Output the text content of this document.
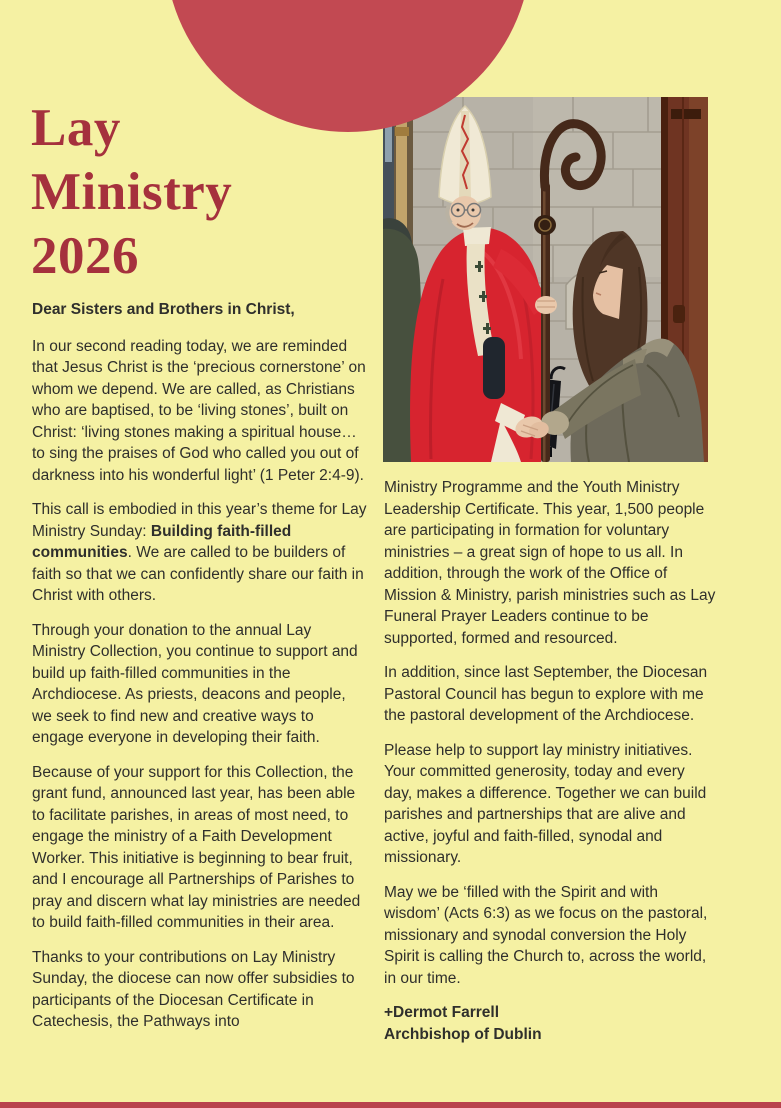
Lay
Ministry
2026

Dear Sisters and Brothers in Christ,

In our second reading today, we are reminded that Jesus Christ is the ‘precious cornerstone’ on whom we depend. We are called, as Christians who are baptised, to be ‘living stones’, built on Christ: ‘living stones making a spiritual house… to sing the praises of God who called you out of darkness into his wonderful light’ (1 Peter 2:4-9).

This call is embodied in this year’s theme for Lay Ministry Sunday: Building faith-filled communities. We are called to be builders of faith so that we can confidently share our faith in Christ with others.

Through your donation to the annual Lay Ministry Collection, you continue to support and build up faith-filled communities in the Archdiocese. As priests, deacons and people, we seek to find new and creative ways to engage everyone in developing their faith.

Because of your support for this Collection, the grant fund, announced last year, has been able to facilitate parishes, in areas of most need, to engage the ministry of a Faith Development Worker. This initiative is beginning to bear fruit, and I encourage all Partnerships of Parishes to pray and discern what lay ministries are needed to build faith-filled communities in their area.

Thanks to your contributions on Lay Ministry Sunday, the diocese can now offer subsidies to participants of the Diocesan Certificate in Catechesis, the Pathways into

Ministry Programme and the Youth Ministry Leadership Certificate. This year, 1,500 people are participating in formation for voluntary ministries – a great sign of hope to us all. In addition, through the work of the Office of Mission & Ministry, parish ministries such as Lay Funeral Prayer Leaders continue to be supported, formed and resourced.

In addition, since last September, the Diocesan Pastoral Council has begun to explore with me the pastoral development of the Archdiocese.

Please help to support lay ministry initiatives. Your committed generosity, today and every day, makes a difference. Together we can build parishes and partnerships that are alive and active, joyful and faith-filled, synodal and missionary.

May we be ‘filled with the Spirit and with wisdom’ (Acts 6:3) as we focus on the pastoral, missionary and synodal conversion the Holy Spirit is calling the Church to, across the world, in our time.

+Dermot Farrell
Archbishop of Dublin
